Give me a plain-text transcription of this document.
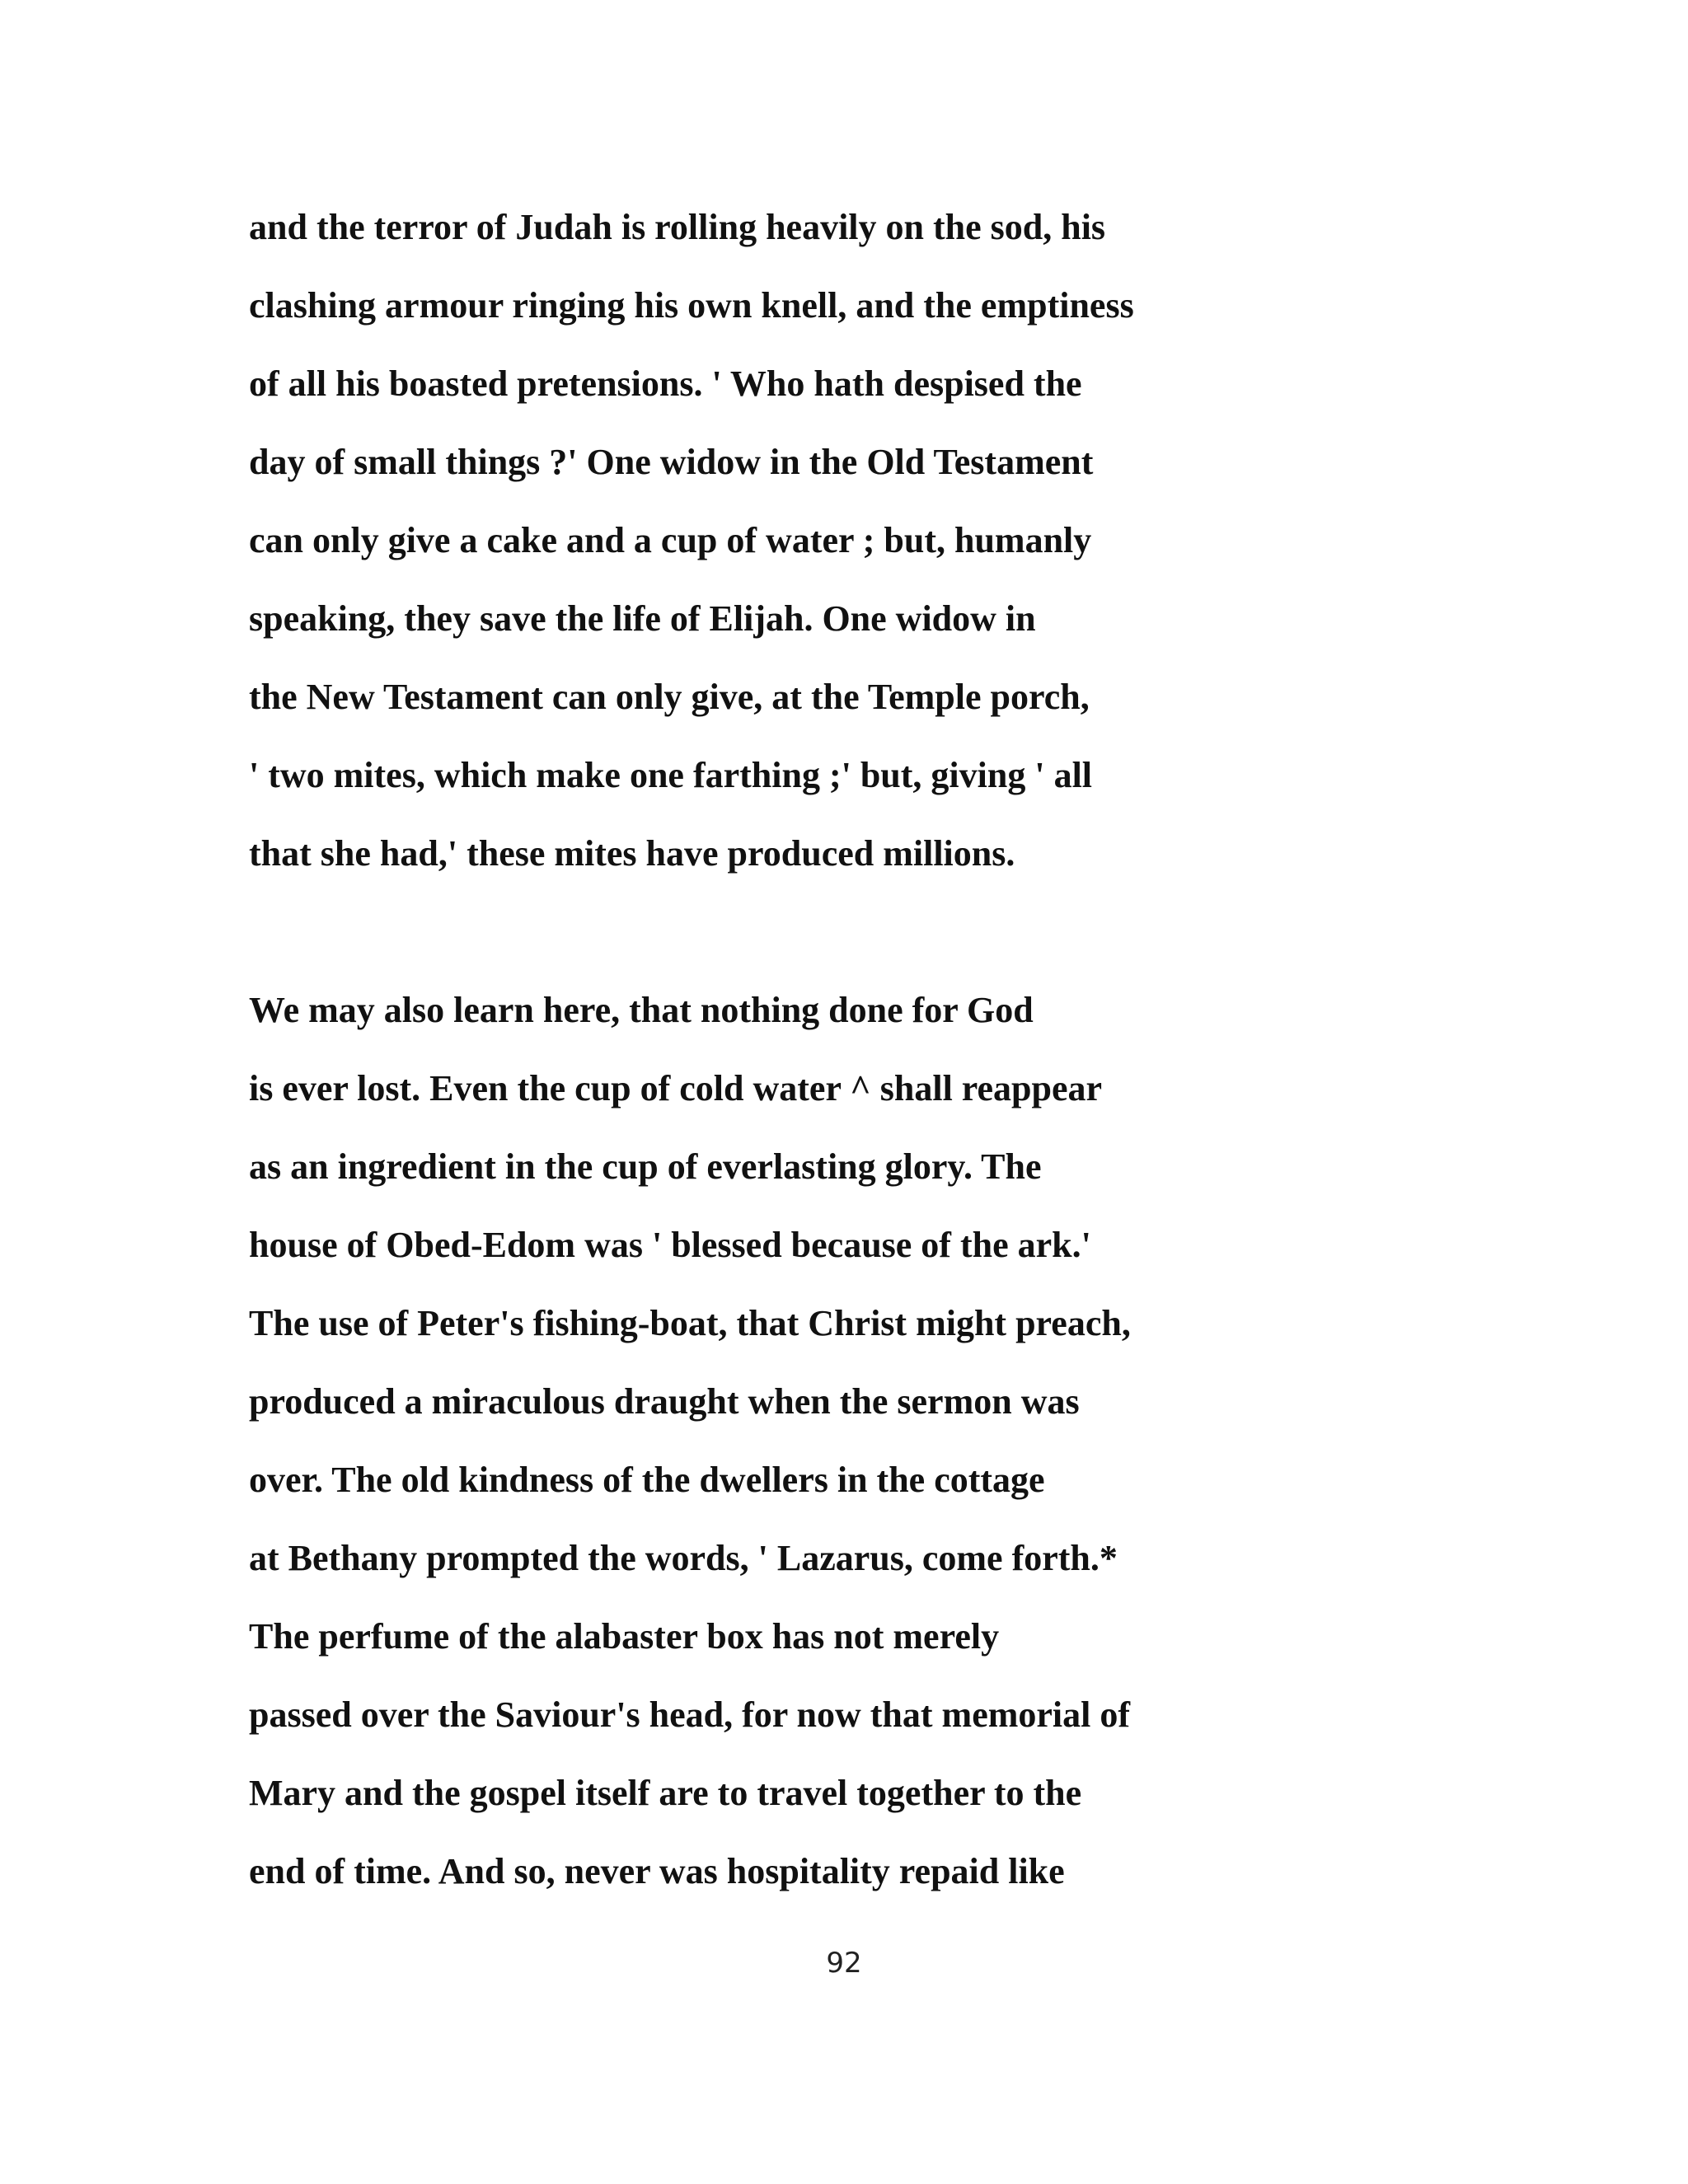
and the terror of Judah is rolling heavily on the sod, his
clashing armour ringing his own knell, and the emptiness
of all his boasted pretensions. ' Who hath despised the
day of small things ?' One widow in the Old Testament
can only give a cake and a cup of water ; but, humanly
speaking, they save the life of Elijah. One widow in
the New Testament can only give, at the Temple porch,
' two mites, which make one farthing ;' but, giving ' all
that she had,' these mites have produced millions.
We may also learn here, that nothing done for God
is ever lost. Even the cup of cold water ^ shall reappear
as an ingredient in the cup of everlasting glory. The
house of Obed-Edom was ' blessed because of the ark.'
The use of Peter's fishing-boat, that Christ might preach,
produced a miraculous draught when the sermon was
over. The old kindness of the dwellers in the cottage
at Bethany prompted the words, ' Lazarus, come forth.*
The perfume of the alabaster box has not merely
passed over the Saviour's head, for now that memorial of
Mary and the gospel itself are to travel together to the
end of time. And so, never was hospitality repaid like
92
